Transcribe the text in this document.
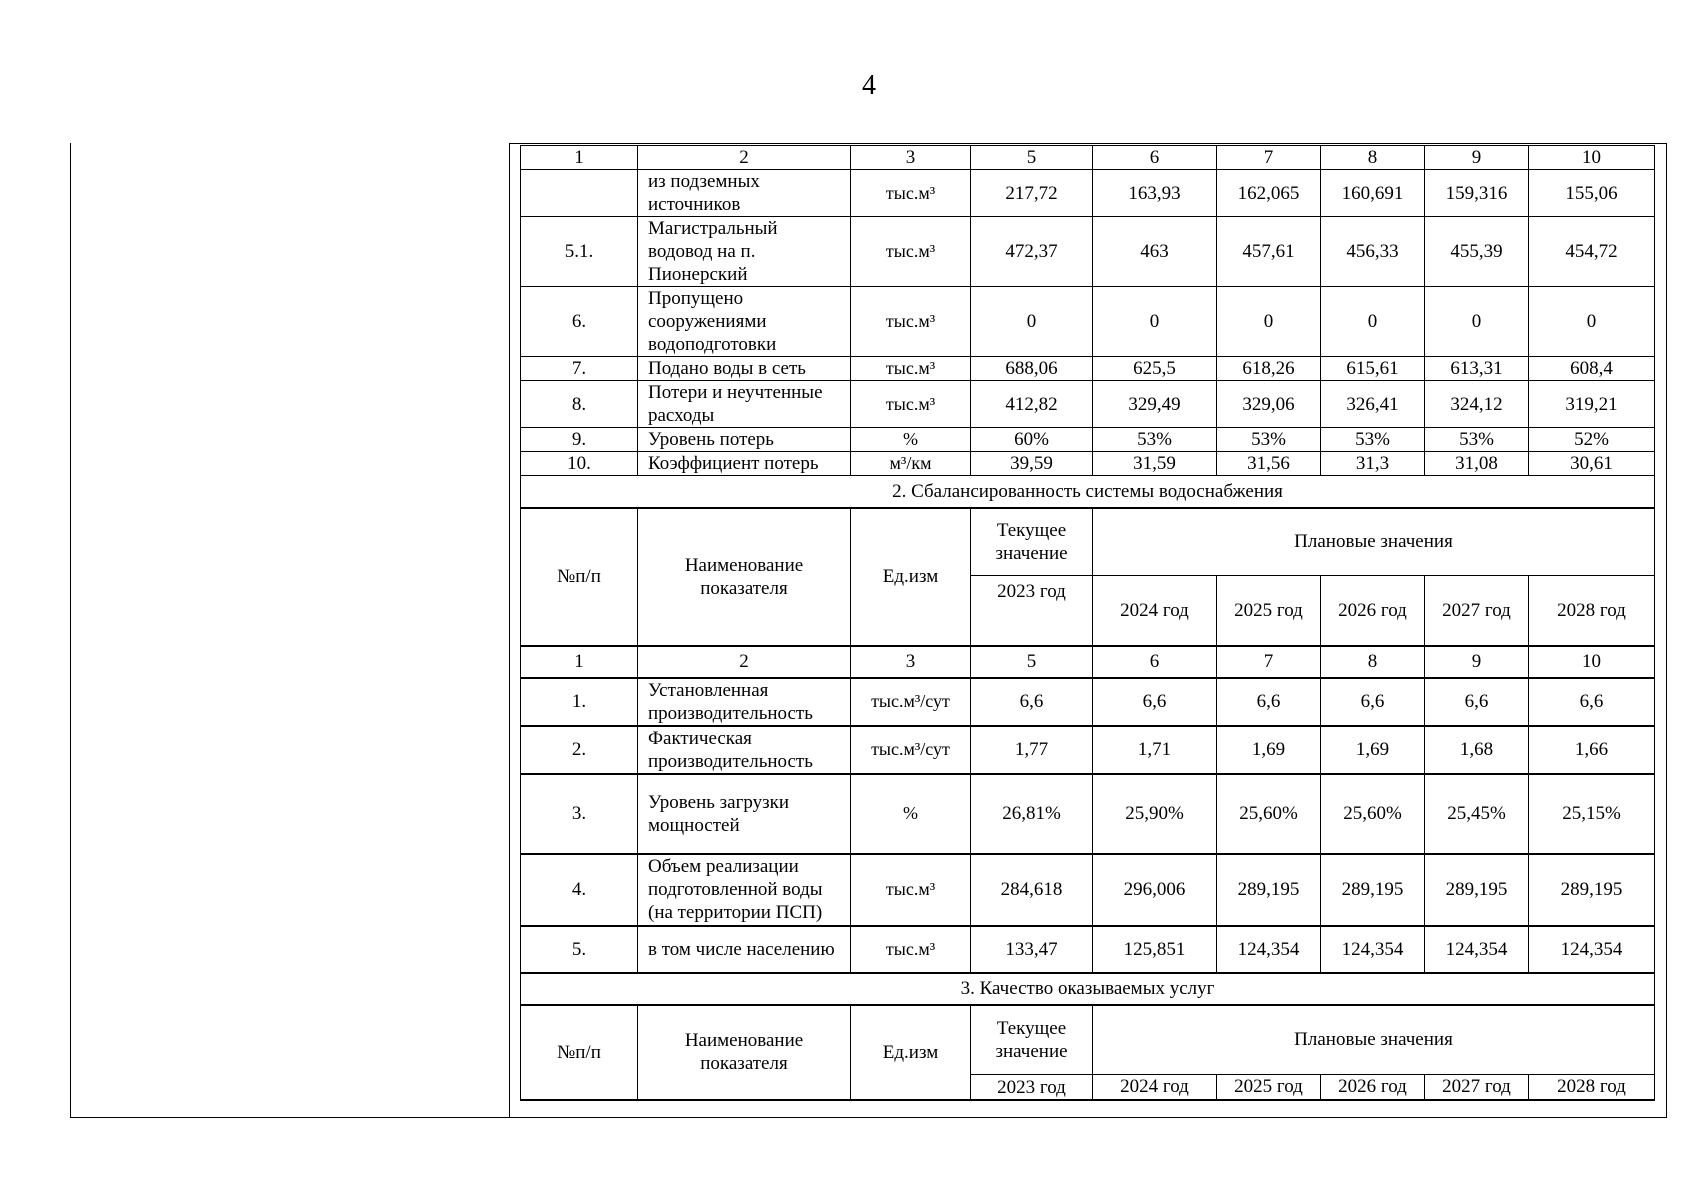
4
1	2	3	5	6	7	8	9	10
	из подземных источников	тыс.м³	217,72	163,93	162,065	160,691	159,316	155,06
5.1.	Магистральный водовод на п. Пионерский	тыс.м³	472,37	463	457,61	456,33	455,39	454,72
6.	Пропущено сооружениями водоподготовки	тыс.м³	0	0	0	0	0	0
7.	Подано воды в сеть	тыс.м³	688,06	625,5	618,26	615,61	613,31	608,4
8.	Потери и неучтенные расходы	тыс.м³	412,82	329,49	329,06	326,41	324,12	319,21
9.	Уровень потерь	%	60%	53%	53%	53%	53%	52%
10.	Коэффициент потерь	м³/км	39,59	31,59	31,56	31,3	31,08	30,61
2. Сбалансированность системы водоснабжения								
№п/п	Наименование показателя	Ед.изм	Текущее значение	Плановые значения				
			2023 год	2024 год	2025 год	2026 год	2027 год	2028 год
1	2	3	5	6	7	8	9	10
1.	Установленная производительность	тыс.м³/сут	6,6	6,6	6,6	6,6	6,6	6,6
2.	Фактическая производительность	тыс.м³/сут	1,77	1,71	1,69	1,69	1,68	1,66
3.	Уровень загрузки мощностей	%	26,81%	25,90%	25,60%	25,60%	25,45%	25,15%
4.	Объем реализации подготовленной воды (на территории ПСП)	тыс.м³	284,618	296,006	289,195	289,195	289,195	289,195
5.	в том числе населению	тыс.м³	133,47	125,851	124,354	124,354	124,354	124,354
3. Качество оказываемых услуг								
№п/п	Наименование показателя	Ед.изм	Текущее значение	Плановые значения				
			2023 год	2024 год	2025 год	2026 год	2027 год	2028 год
